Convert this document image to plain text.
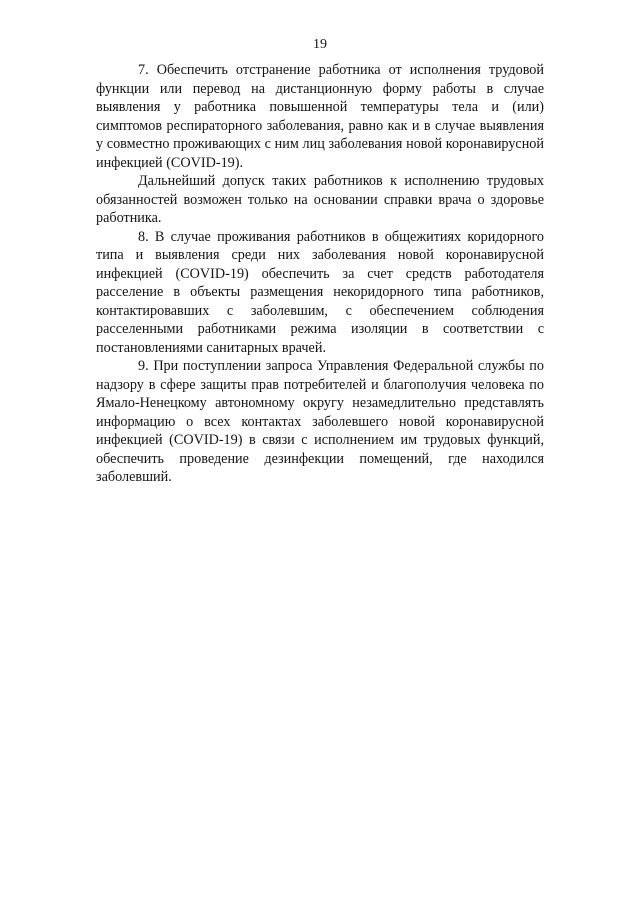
19

7. Обеспечить отстранение работника от исполнения трудовой функции или перевод на дистанционную форму работы в случае выявления у работника повышенной температуры тела и (или) симптомов респираторного заболевания, равно как и в случае выявления у совместно проживающих с ним лиц заболевания новой коронавирусной инфекцией (COVID-19).

Дальнейший допуск таких работников к исполнению трудовых обязанностей возможен только на основании справки врача о здоровье работника.

8. В случае проживания работников в общежитиях коридорного типа и выявления среди них заболевания новой коронавирусной инфекцией (COVID-19) обеспечить за счет средств работодателя расселение в объекты размещения некоридорного типа работников, контактировавших с заболевшим, с обеспечением соблюдения расселенными работниками режима изоляции в соответствии с постановлениями санитарных врачей.

9. При поступлении запроса Управления Федеральной службы по надзору в сфере защиты прав потребителей и благополучия человека по Ямало-Ненецкому автономному округу незамедлительно представлять информацию о всех контактах заболевшего новой коронавирусной инфекцией (COVID-19) в связи с исполнением им трудовых функций, обеспечить проведение дезинфекции помещений, где находился заболевший.
